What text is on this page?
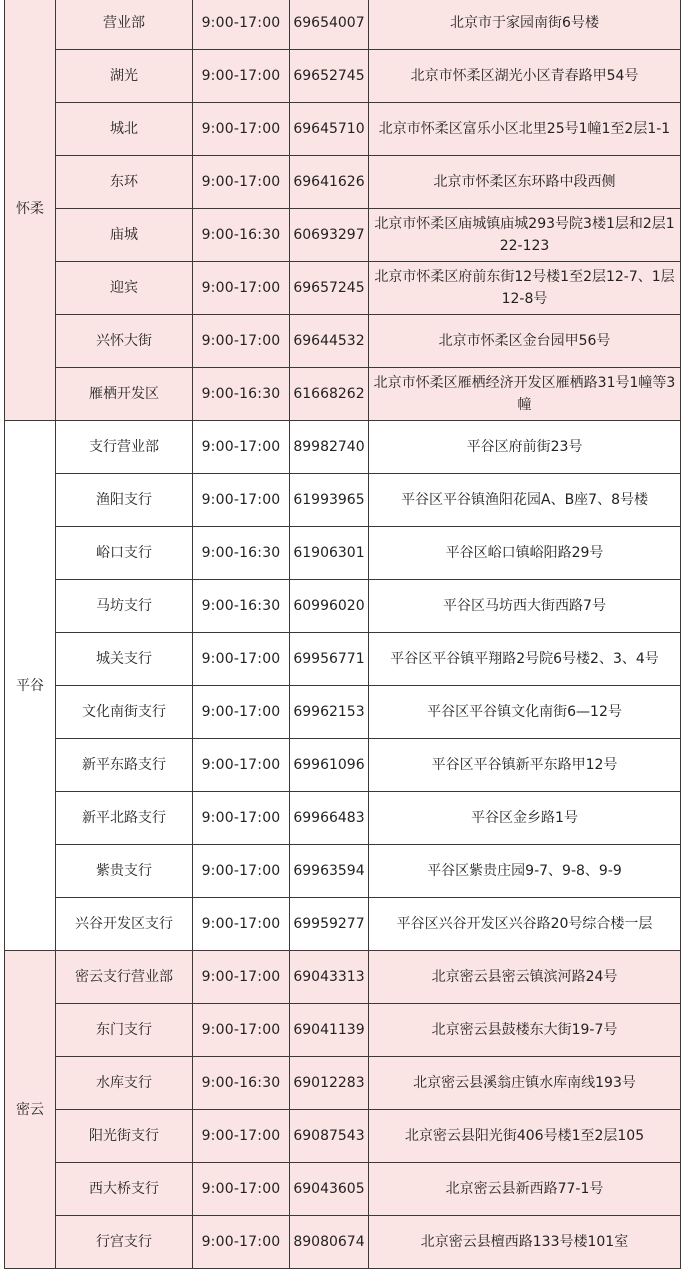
怀柔	营业部	9:00-17:00	69654007	北京市于家园南街6号楼
	湖光	9:00-17:00	69652745	北京市怀柔区湖光小区青春路甲54号
	城北	9:00-17:00	69645710	北京市怀柔区富乐小区北里25号1幢1至2层1-1
	东环	9:00-17:00	69641626	北京市怀柔区东环路中段西侧
	庙城	9:00-16:30	60693297	北京市怀柔区庙城镇庙城293号院3楼1层和2层122-123
	迎宾	9:00-17:00	69657245	北京市怀柔区府前东街12号楼1至2层12-7、1层12-8号
	兴怀大街	9:00-17:00	69644532	北京市怀柔区金台园甲56号
	雁栖开发区	9:00-16:30	61668262	北京市怀柔区雁栖经济开发区雁栖路31号1幢等3幢
平谷	支行营业部	9:00-17:00	89982740	平谷区府前街23号
	渔阳支行	9:00-17:00	61993965	平谷区平谷镇渔阳花园A、B座7、8号楼
	峪口支行	9:00-16:30	61906301	平谷区峪口镇峪阳路29号
	马坊支行	9:00-16:30	60996020	平谷区马坊西大街西路7号
	城关支行	9:00-17:00	69956771	平谷区平谷镇平翔路2号院6号楼2、3、4号
	文化南街支行	9:00-17:00	69962153	平谷区平谷镇文化南街6—12号
	新平东路支行	9:00-17:00	69961096	平谷区平谷镇新平东路甲12号
	新平北路支行	9:00-17:00	69966483	平谷区金乡路1号
	紫贵支行	9:00-17:00	69963594	平谷区紫贵庄园9-7、9-8、9-9
	兴谷开发区支行	9:00-17:00	69959277	平谷区兴谷开发区兴谷路20号综合楼一层
密云	密云支行营业部	9:00-17:00	69043313	北京密云县密云镇滨河路24号
	东门支行	9:00-17:00	69041139	北京密云县鼓楼东大街19-7号
	水库支行	9:00-16:30	69012283	北京密云县溪翁庄镇水库南线193号
	阳光街支行	9:00-17:00	69087543	北京密云县阳光街406号楼1至2层105
	西大桥支行	9:00-17:00	69043605	北京密云县新西路77-1号
	行宫支行	9:00-17:00	89080674	北京密云县檀西路133号楼101室
